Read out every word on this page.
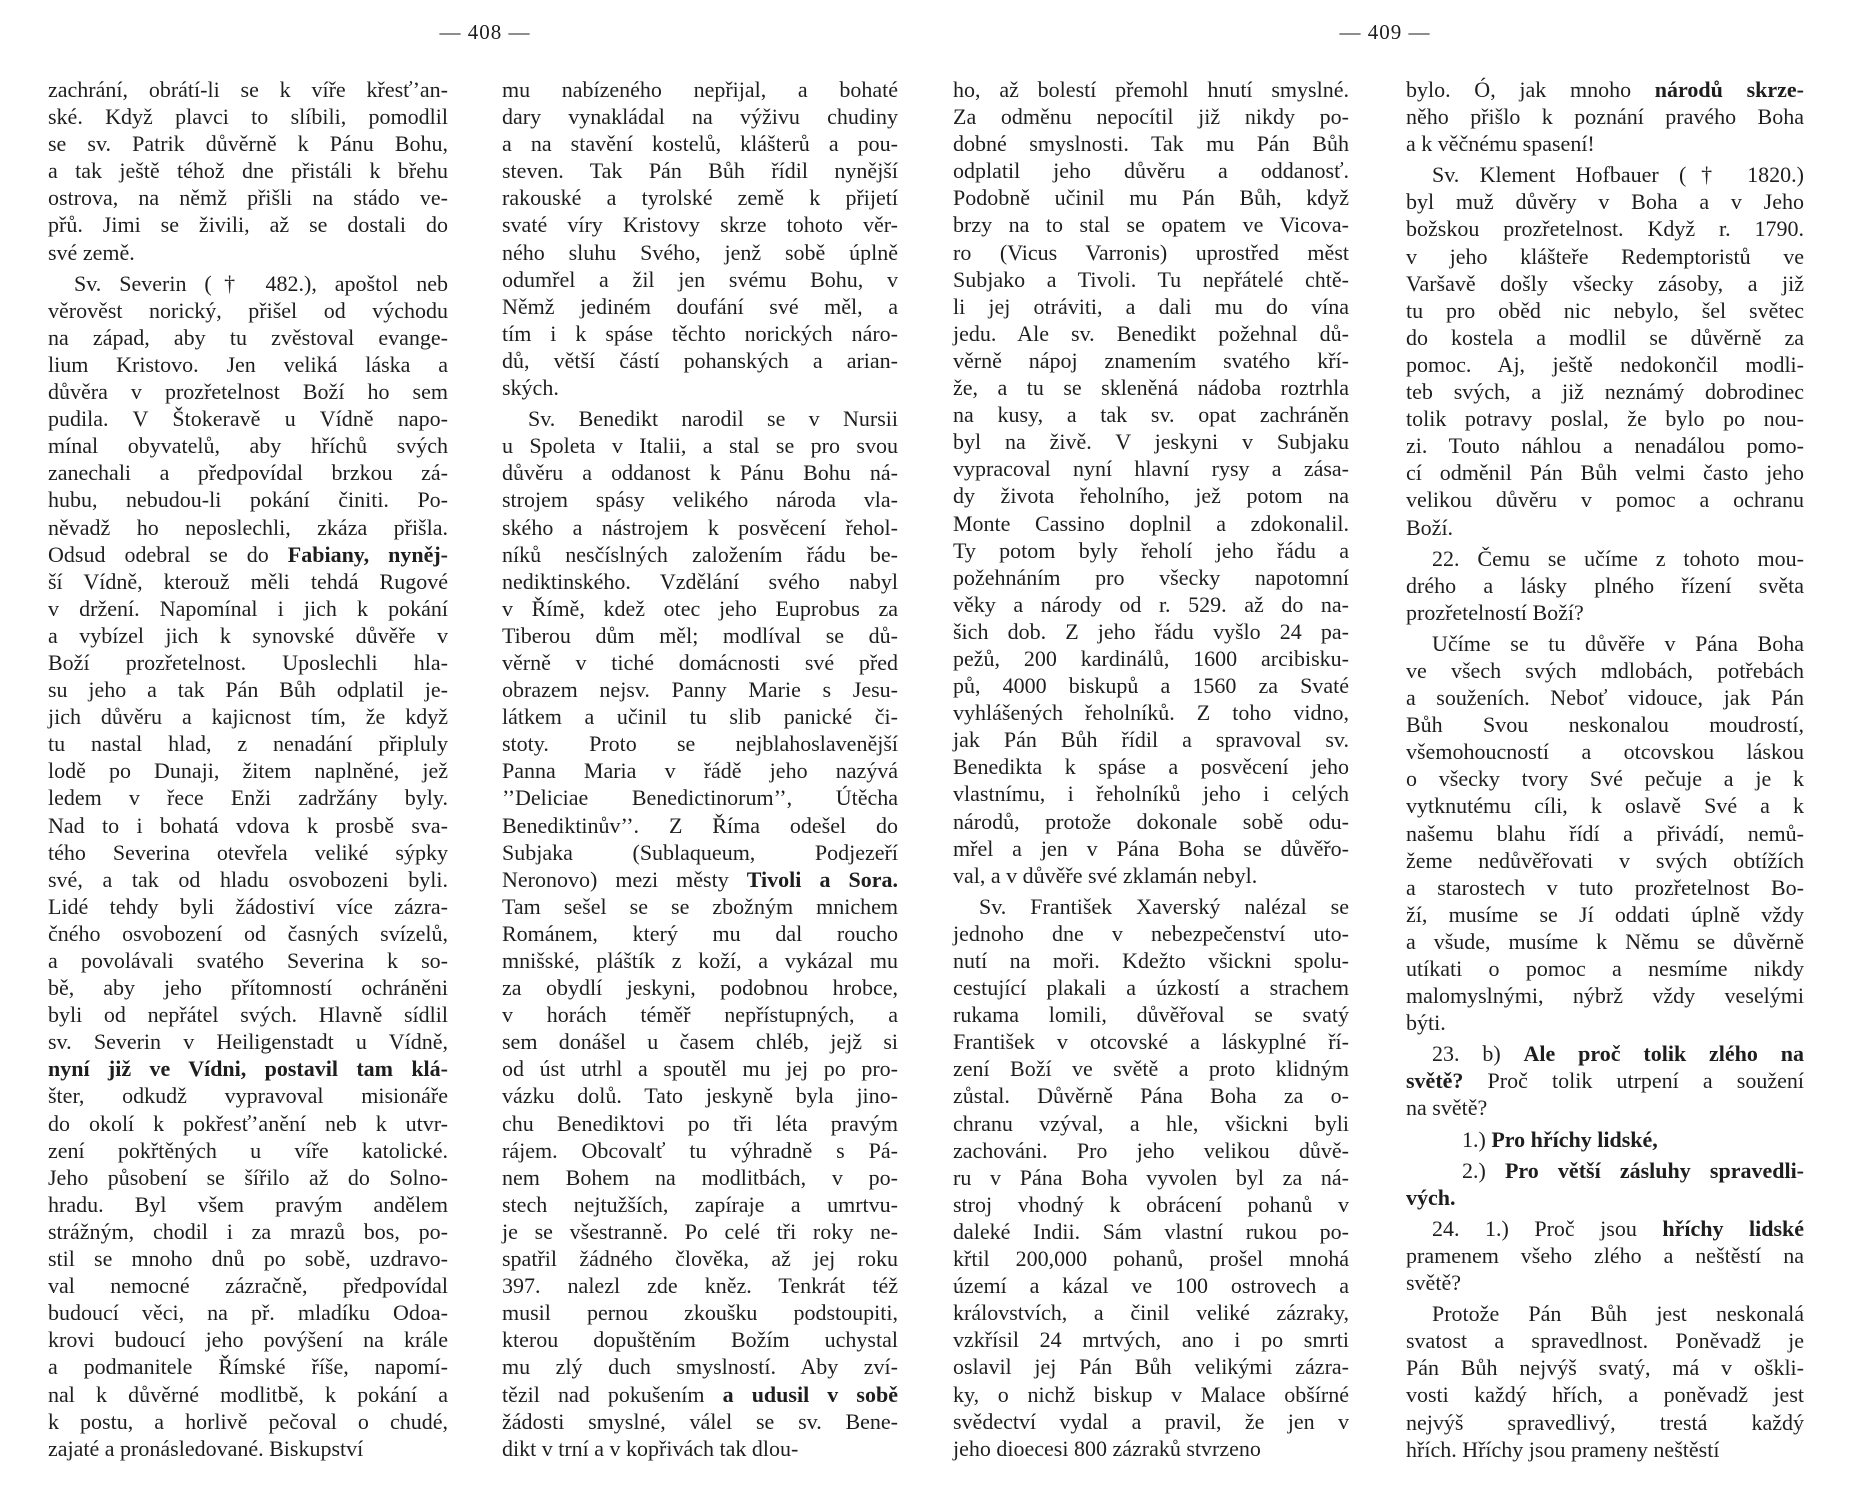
— 408 —	— 409 —
zachrání, obrátí-li se k víře křesť’an-
ské. Když plavci to slíbili, pomodlil
se sv. Patrik důvěrně k Pánu Bohu,
a tak ještě téhož dne přistáli k břehu
ostrova, na němž přišli na stádo ve-
přů. Jimi se živili, až se dostali do
své země.
Sv. Severin († 482.), apoštol neb
věrověst norický, přišel od východu
na západ, aby tu zvěstoval evange-
lium Kristovo. Jen veliká láska a
důvěra v prozřetelnost Boží ho sem
pudila. V Štokeravě u Vídně napo-
mínal obyvatelů, aby hříchů svých
zanechali a předpovídal brzkou zá-
hubu, nebudou-li pokání činiti. Po-
něvadž ho neposlechli, zkáza přišla.
Odsud odebral se do Fabiany, nyněj-
ší Vídně, kterouž měli tehdá Rugové
v držení. Napomínal i jich k pokání
a vybízel jich k synovské důvěře v
Boží prozřetelnost. Uposlechli hla-
su jeho a tak Pán Bůh odplatil je-
jich důvěru a kajicnost tím, že když
tu nastal hlad, z nenadání připluly
lodě po Dunaji, žitem naplněné, jež
ledem v řece Enži zadržány byly.
Nad to i bohatá vdova k prosbě sva-
tého Severina otevřela veliké sýpky
své, a tak od hladu osvobozeni byli.
Lidé tehdy byli žádostiví více zázra-
čného osvobození od časných svízelů,
a povolávali svatého Severina k so-
bě, aby jeho přítomností ochráněni
byli od nepřátel svých. Hlavně sídlil
sv. Severin v Heiligenstadt u Vídně,
nyní již ve Vídni, postavil tam klá-
šter, odkudž vypravoval misionáře
do okolí k pokřesť’anění neb k utvr-
zení pokřtěných u víře katolické.
Jeho působení se šířilo až do Solno-
hradu. Byl všem pravým andělem
strážným, chodil i za mrazů bos, po-
stil se mnoho dnů po sobě, uzdravo-
val nemocné zázračně, předpovídal
budoucí věci, na př. mladíku Odoa-
krovi budoucí jeho povýšení na krále
a podmanitele Římské říše, napomí-
nal k důvěrné modlitbě, k pokání a
k postu, a horlivě pečoval o chudé,
zajaté a pronásledované. Biskupství
mu nabízeného nepřijal, a bohaté
dary vynakládal na výživu chudiny
a na stavění kostelů, klášterů a pou-
steven. Tak Pán Bůh řídil nynější
rakouské a tyrolské země k přijetí
svaté víry Kristovy skrze tohoto věr-
ného sluhu Svého, jenž sobě úplně
odumřel a žil jen svému Bohu, v
Němž jediném doufání své měl, a
tím i k spáse těchto norických náro-
dů, větší částí pohanských a arian-
ských.
Sv. Benedikt narodil se v Nursii
u Spoleta v Italii, a stal se pro svou
důvěru a oddanost k Pánu Bohu ná-
strojem spásy velikého národa vla-
ského a nástrojem k posvěcení řehol-
níků nesčíslných založením řádu be-
nediktinského. Vzdělání svého nabyl
v Římě, kdež otec jeho Euprobus za
Tiberou dům měl; modlíval se dů-
věrně v tiché domácnosti své před
obrazem nejsv. Panny Marie s Jesu-
látkem a učinil tu slib panické či-
stoty. Proto se nejblahoslavenější
Panna Maria v řádě jeho nazývá
’’Deliciae Benedictinorum’’, Útěcha
Benediktinův’’. Z Říma odešel do
Subjaka (Sublaqueum, Podjezeří
Neronovo) mezi městy Tivoli a Sora.
Tam sešel se se zbožným mnichem
Románem, který mu dal roucho
mnišské, pláštík z koží, a vykázal mu
za obydlí jeskyni, podobnou hrobce,
v horách téměř nepřístupných, a
sem donášel u časem chléb, jejž si
od úst utrhl a spoutěl mu jej po pro-
vázku dolů. Tato jeskyně byla jino-
chu Benediktovi po tři léta pravým
rájem. Obcovalť tu výhradně s Pá-
nem Bohem na modlitbách, v po-
stech nejtužších, zapíraje a umrtvu-
je se všestranně. Po celé tři roky ne-
spatřil žádného člověka, až jej roku
397. nalezl zde kněz. Tenkrát též
musil pernou zkoušku podstoupiti,
kterou dopuštěním Božím uchystal
mu zlý duch smyslností. Aby zví-
tězil nad pokušením a udusil v sobě
žádosti smyslné, válel se sv. Bene-
dikt v trní a v kopřivách tak dlou-
ho, až bolestí přemohl hnutí smyslné.
Za odměnu nepocítil již nikdy po-
dobné smyslnosti. Tak mu Pán Bůh
odplatil jeho důvěru a oddanosť.
Podobně učinil mu Pán Bůh, když
brzy na to stal se opatem ve Vicova-
ro (Vicus Varronis) uprostřed měst
Subjako a Tivoli. Tu nepřátelé chtě-
li jej otráviti, a dali mu do vína
jedu. Ale sv. Benedikt požehnal dů-
věrně nápoj znamením svatého kří-
že, a tu se skleněná nádoba roztrhla
na kusy, a tak sv. opat zachráněn
byl na živě. V jeskyni v Subjaku
vypracoval nyní hlavní rysy a zása-
dy života řeholního, jež potom na
Monte Cassino doplnil a zdokonalil.
Ty potom byly řeholí jeho řádu a
požehnáním pro všecky napotomní
věky a národy od r. 529. až do na-
šich dob. Z jeho řádu vyšlo 24 pa-
pežů, 200 kardinálů, 1600 arcibisku-
pů, 4000 biskupů a 1560 za Svaté
vyhlášených řeholníků. Z toho vidno,
jak Pán Bůh řídil a spravoval sv.
Benedikta k spáse a posvěcení jeho
vlastnímu, i řeholníků jeho i celých
národů, protože dokonale sobě odu-
mřel a jen v Pána Boha se důvěřo-
val, a v důvěře své zklamán nebyl.
Sv. František Xaverský nalézal se
jednoho dne v nebezpečenství uto-
nutí na moři. Kdežto všickni spolu-
cestující plakali a úzkostí a strachem
rukama lomili, důvěřoval se svatý
František v otcovské a láskyplné ří-
zení Boží ve světě a proto klidným
zůstal. Důvěrně Pána Boha za o-
chranu vzýval, a hle, všickni byli
zachováni. Pro jeho velikou důvě-
ru v Pána Boha vyvolen byl za ná-
stroj vhodný k obrácení pohanů v
daleké Indii. Sám vlastní rukou po-
křtil 200,000 pohanů, prošel mnohá
území a kázal ve 100 ostrovech a
královstvích, a činil veliké zázraky,
vzkřísil 24 mrtvých, ano i po smrti
oslavil jej Pán Bůh velikými zázra-
ky, o nichž biskup v Malace obšírné
svědectví vydal a pravil, že jen v
jeho dioecesi 800 zázraků stvrzeno
bylo. Ó, jak mnoho národů skrze-
něho přišlo k poznání pravého Boha
a k věčnému spasení!
Sv. Klement Hofbauer († 1820.)
byl muž důvěry v Boha a v Jeho
božskou prozřetelnost. Když r. 1790.
v jeho klášteře Redemptoristů ve
Varšavě došly všecky zásoby, a již
tu pro oběd nic nebylo, šel světec
do kostela a modlil se důvěrně za
pomoc. Aj, ještě nedokončil modli-
teb svých, a již neznámý dobrodinec
tolik potravy poslal, že bylo po nou-
zi. Touto náhlou a nenadálou pomo-
cí odměnil Pán Bůh velmi často jeho
velikou důvěru v pomoc a ochranu
Boží.
22. Čemu se učíme z tohoto mou-
drého a lásky plného řízení světa
prozřetelností Boží?
Učíme se tu důvěře v Pána Boha
ve všech svých mdlobách, potřebách
a souženích. Neboť vidouce, jak Pán
Bůh Svou neskonalou moudrostí,
všemohoucností a otcovskou láskou
o všecky tvory Své pečuje a je k
vytknutému cíli, k oslavě Své a k
našemu blahu řídí a přivádí, nemů-
žeme nedůvěřovati v svých obtížích
a starostech v tuto prozřetelnost Bo-
ží, musíme se Jí oddati úplně vždy
a všude, musíme k Němu se důvěrně
utíkati o pomoc a nesmíme nikdy
malomyslnými, nýbrž vždy veselými
býti.
23. b) Ale proč tolik zlého na
světě? Proč tolik utrpení a soužení
na světě?
1.) Pro hříchy lidské,
2.) Pro větší zásluhy spravedli-
vých.
24. 1.) Proč jsou hříchy lidské
pramenem všeho zlého a neštěstí na
světě?
Protože Pán Bůh jest neskonalá
svatost a spravedlnost. Poněvadž je
Pán Bůh nejvýš svatý, má v oškli-
vosti každý hřích, a poněvadž jest
nejvýš spravedlivý, trestá každý
hřích. Hříchy jsou prameny neštěstí
